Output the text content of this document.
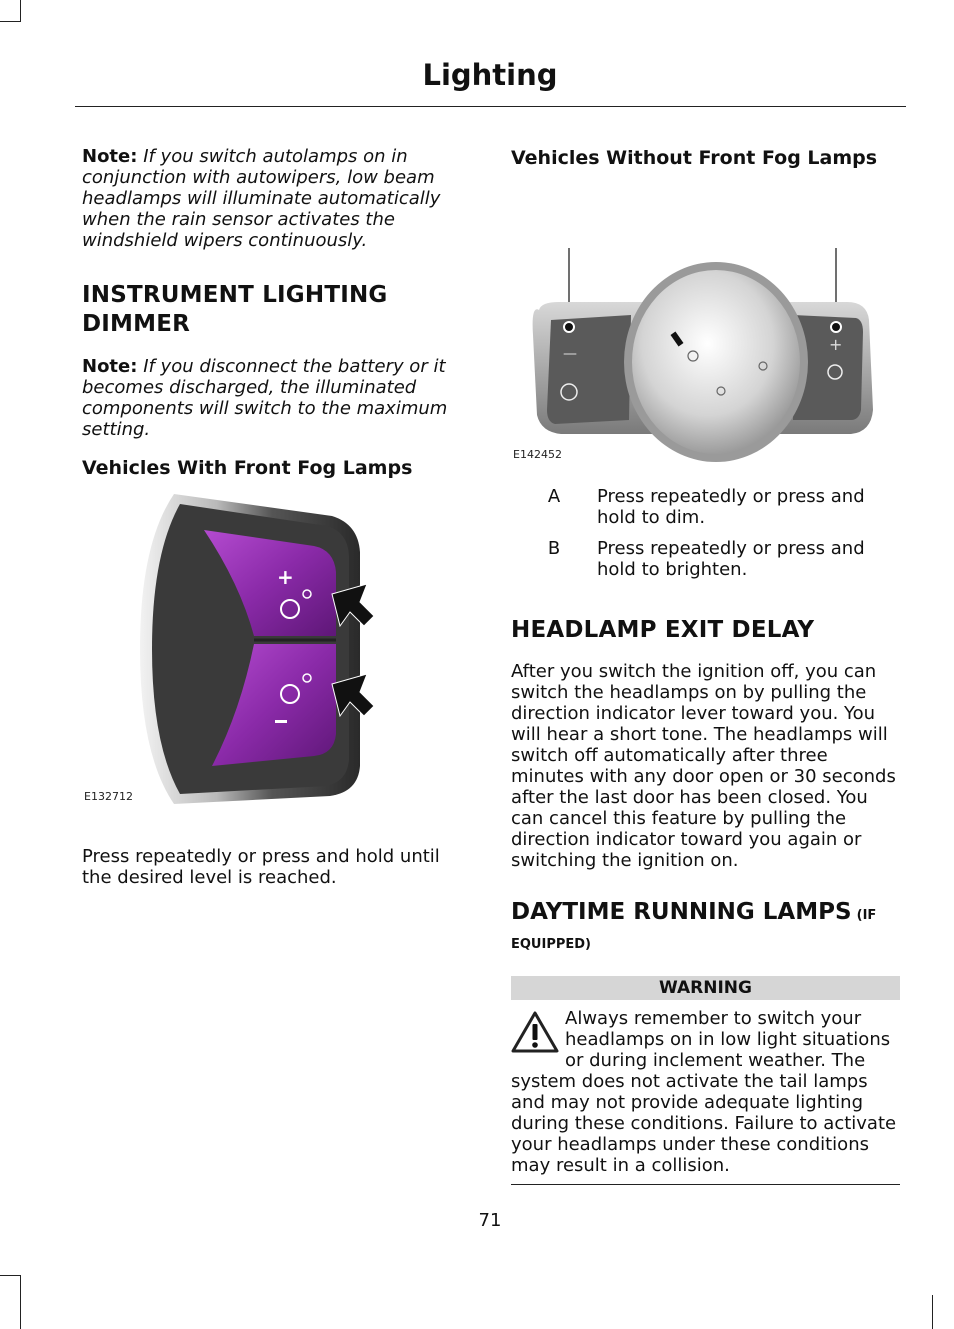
Lighting

Note: If you switch autolamps on in conjunction with autowipers, low beam headlamps will illuminate automatically when the rain sensor activates the windshield wipers continuously.

INSTRUMENT LIGHTING DIMMER

Note: If you disconnect the battery or it becomes discharged, the illuminated components will switch to the maximum setting.

Vehicles With Front Fog Lamps
+
E132712

Press repeatedly or press and hold until the desired level is reached.

Vehicles Without Front Fog Lamps
—	+
E142452
A	Press repeatedly or press and hold to dim.
B	Press repeatedly or press and hold to brighten.
HEADLAMP EXIT DELAY

After you switch the ignition off, you can switch the headlamps on by pulling the direction indicator lever toward you. You will hear a short tone. The headlamps will switch off automatically after three minutes with any door open or 30 seconds after the last door has been closed. You can cancel this feature by pulling the direction indicator toward you again or switching the ignition on.

DAYTIME RUNNING LAMPS (IF
EQUIPPED)
WARNING
Always remember to switch your headlamps on in low light situations or during inclement weather. The system does not activate the tail lamps and may not provide adequate lighting during these conditions. Failure to activate your headlamps under these conditions may result in a collision.
71
